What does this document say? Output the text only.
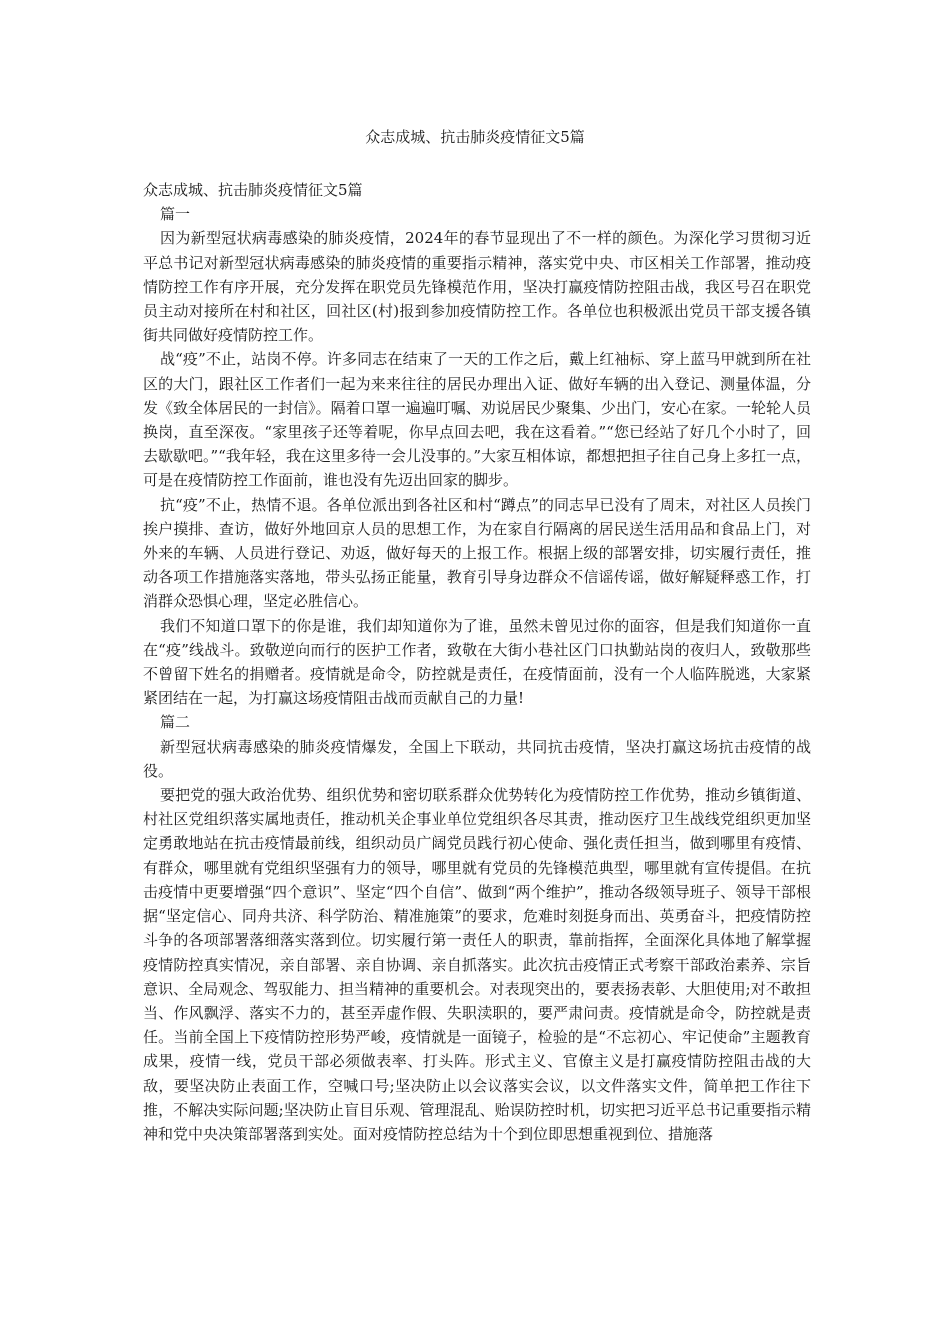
众志成城、抗击肺炎疫情征文5篇

众志成城、抗击肺炎疫情征文5篇

篇一

因为新型冠状病毒感染的肺炎疫情，2024年的春节显现出了不一样的颜色。为深化学习贯彻习近平总书记对新型冠状病毒感染的肺炎疫情的重要指示精神，落实党中央、市区相关工作部署，推动疫情防控工作有序开展，充分发挥在职党员先锋模范作用，坚决打赢疫情防控阻击战，我区号召在职党员主动对接所在村和社区，回社区(村)报到参加疫情防控工作。各单位也积极派出党员干部支援各镇街共同做好疫情防控工作。

战“疫”不止，站岗不停。许多同志在结束了一天的工作之后，戴上红袖标、穿上蓝马甲就到所在社区的大门，跟社区工作者们一起为来来往往的居民办理出入证、做好车辆的出入登记、测量体温，分发《致全体居民的一封信》。隔着口罩一遍遍叮嘱、劝说居民少聚集、少出门，安心在家。一轮轮人员换岗，直至深夜。“家里孩子还等着呢，你早点回去吧，我在这看着。”“您已经站了好几个小时了，回去歇歇吧。”“我年轻，我在这里多待一会儿没事的。”大家互相体谅，都想把担子往自己身上多扛一点，可是在疫情防控工作面前，谁也没有先迈出回家的脚步。

抗“疫”不止，热情不退。各单位派出到各社区和村“蹲点”的同志早已没有了周末，对社区人员挨门挨户摸排、查访，做好外地回京人员的思想工作，为在家自行隔离的居民送生活用品和食品上门，对外来的车辆、人员进行登记、劝返，做好每天的上报工作。根据上级的部署安排，切实履行责任，推动各项工作措施落实落地，带头弘扬正能量，教育引导身边群众不信谣传谣，做好解疑释惑工作，打消群众恐惧心理，坚定必胜信心。

我们不知道口罩下的你是谁，我们却知道你为了谁，虽然未曾见过你的面容，但是我们知道你一直在“疫”线战斗。致敬逆向而行的医护工作者，致敬在大街小巷社区门口执勤站岗的夜归人，致敬那些不曾留下姓名的捐赠者。疫情就是命令，防控就是责任，在疫情面前，没有一个人临阵脱逃，大家紧紧团结在一起，为打赢这场疫情阻击战而贡献自己的力量!

篇二

新型冠状病毒感染的肺炎疫情爆发，全国上下联动，共同抗击疫情，坚决打赢这场抗击疫情的战役。

要把党的强大政治优势、组织优势和密切联系群众优势转化为疫情防控工作优势，推动乡镇街道、村社区党组织落实属地责任，推动机关企事业单位党组织各尽其责，推动医疗卫生战线党组织更加坚定勇敢地站在抗击疫情最前线，组织动员广阔党员践行初心使命、强化责任担当，做到哪里有疫情、有群众，哪里就有党组织坚强有力的领导，哪里就有党员的先锋模范典型，哪里就有宣传提倡。在抗击疫情中更要增强“四个意识”、坚定“四个自信”、做到“两个维护”，推动各级领导班子、领导干部根据“坚定信心、同舟共济、科学防治、精准施策”的要求，危难时刻挺身而出、英勇奋斗，把疫情防控斗争的各项部署落细落实落到位。切实履行第一责任人的职责，靠前指挥，全面深化具体地了解掌握疫情防控真实情况，亲自部署、亲自协调、亲自抓落实。此次抗击疫情正式考察干部政治素养、宗旨意识、全局观念、驾驭能力、担当精神的重要机会。对表现突出的，要表扬表彰、大胆使用;对不敢担当、作风飘浮、落实不力的，甚至弄虚作假、失职渎职的，要严肃问责。疫情就是命令，防控就是责任。当前全国上下疫情防控形势严峻，疫情就是一面镜子，检验的是“不忘初心、牢记使命”主题教育成果，疫情一线，党员干部必须做表率、打头阵。形式主义、官僚主义是打赢疫情防控阻击战的大敌，要坚决防止表面工作，空喊口号;坚决防止以会议落实会议，以文件落实文件，简单把工作往下推，不解决实际问题;坚决防止盲目乐观、管理混乱、贻误防控时机，切实把习近平总书记重要指示精神和党中央决策部署落到实处。面对疫情防控总结为十个到位即思想重视到位、措施落
